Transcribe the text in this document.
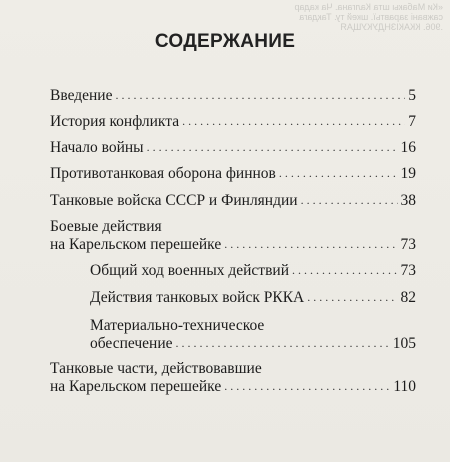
«Ки Мабакы шта Калгана. Ча кадар
сажвані заравтьї. шкей ту. Такдага
.906. ККАКІЗНДУКУЩАЯ
СОДЕРЖАНИЕ
Введение . . .	5
История конфликта . . .	7
Начало войны . . .	16
Противотанковая оборона финнов . . .	19
Танковые войска СССР и Финляндии . . .	38
Боевые действия
на Карельском перешейке . . .	73
Общий ход военных действий . . .	73
Действия танковых войск РККА . . .	82
Материально-техническое
обеспечение . . .	105
Танковые части, действовавшие
на Карельском перешейке . . .	110
